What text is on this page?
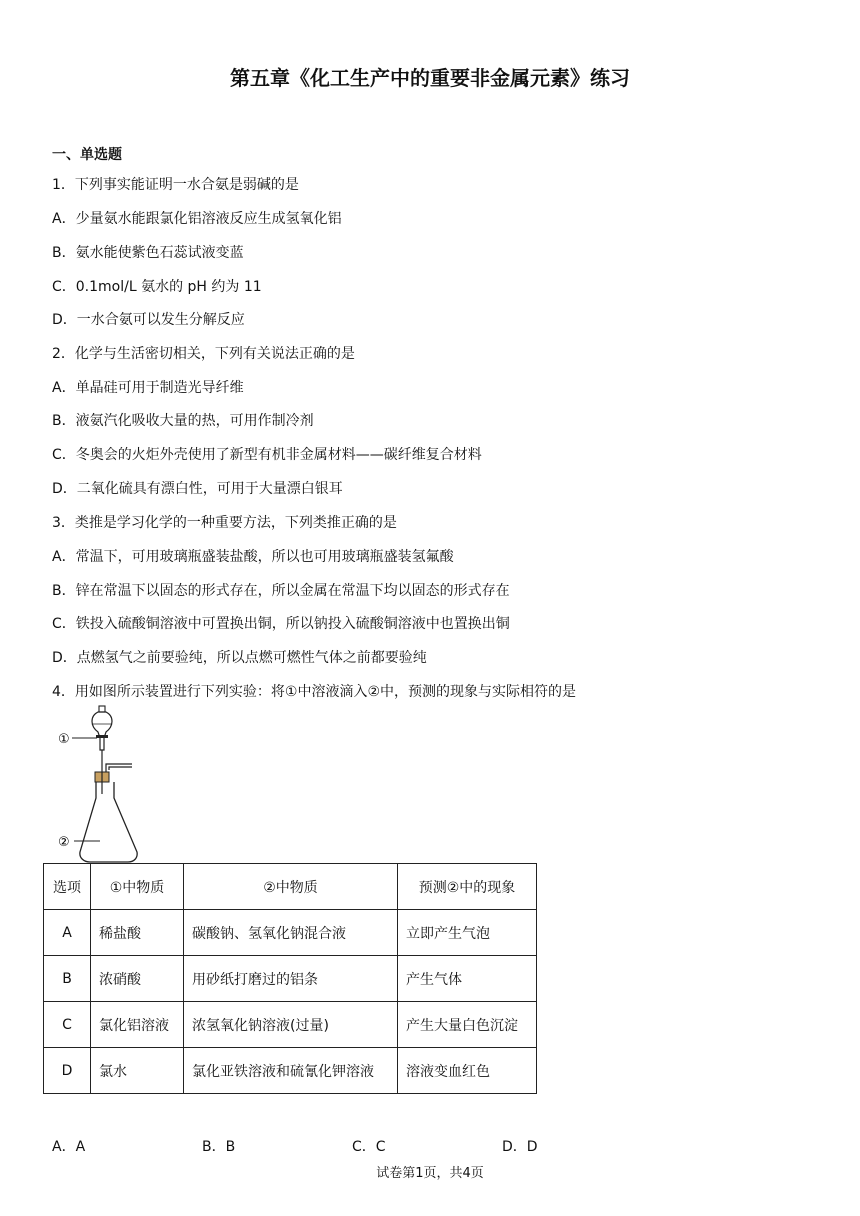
第五章《化工生产中的重要非金属元素》练习
一、单选题
1．下列事实能证明一水合氨是弱碱的是
A．少量氨水能跟氯化铝溶液反应生成氢氧化铝
B．氨水能使紫色石蕊试液变蓝
C．0.1mol/L 氨水的 pH 约为 11
D．一水合氨可以发生分解反应
2．化学与生活密切相关，下列有关说法正确的是
A．单晶硅可用于制造光导纤维
B．液氨汽化吸收大量的热，可用作制冷剂
C．冬奥会的火炬外壳使用了新型有机非金属材料——碳纤维复合材料
D．二氧化硫具有漂白性，可用于大量漂白银耳
3．类推是学习化学的一种重要方法，下列类推正确的是
A．常温下，可用玻璃瓶盛装盐酸，所以也可用玻璃瓶盛装氢氟酸
B．锌在常温下以固态的形式存在，所以金属在常温下均以固态的形式存在
C．铁投入硫酸铜溶液中可置换出铜，所以钠投入硫酸铜溶液中也置换出铜
D．点燃氢气之前要验纯，所以点燃可燃性气体之前都要验纯
4．用如图所示装置进行下列实验：将①中溶液滴入②中，预测的现象与实际相符的是
①
②
选项	①中物质	②中物质	预测②中的现象
A	稀盐酸	碳酸钠、氢氧化钠混合液	立即产生气泡
B	浓硝酸	用砂纸打磨过的铝条	产生气体
C	氯化铝溶液	浓氢氧化钠溶液(过量)	产生大量白色沉淀
D	氯水	氯化亚铁溶液和硫氰化钾溶液	溶液变血红色
A．A	B．B	C．C	D．D
试卷第1页，共4页
